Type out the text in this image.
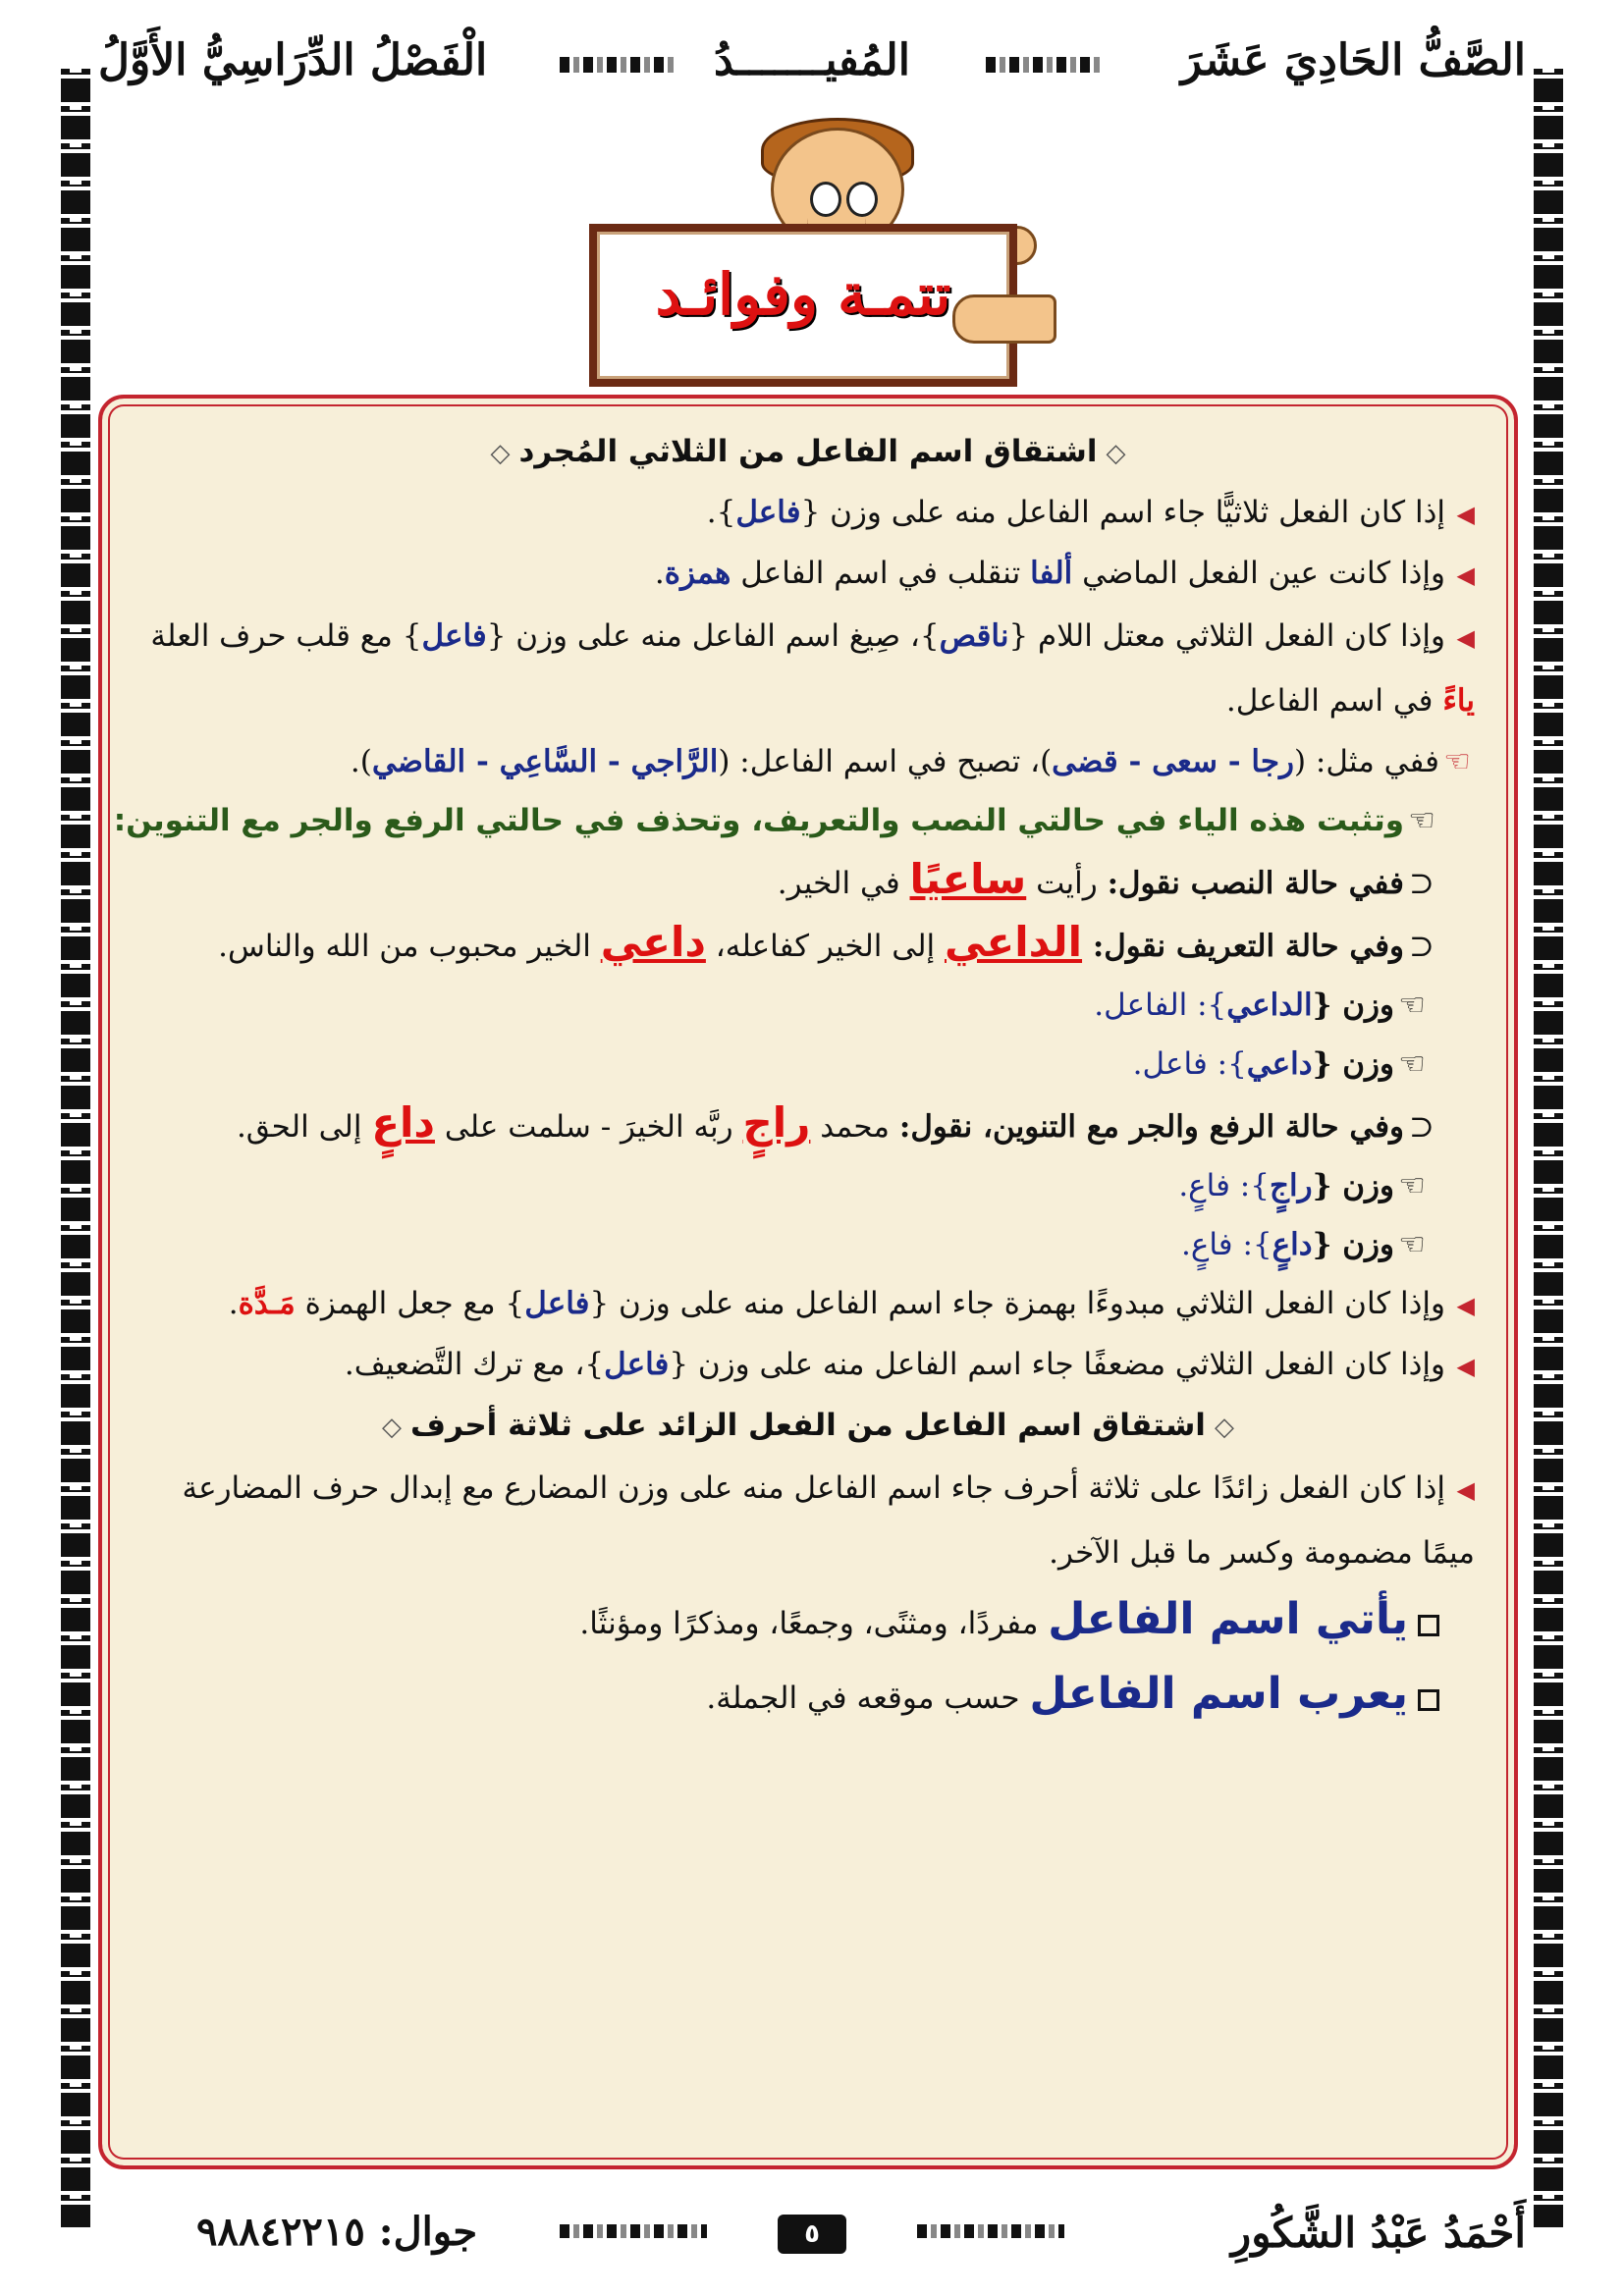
الصَّفُّ الحَادِيَ عَشَرَ
المُفيـــــــدُ
الْفَصْلُ الدِّرَاسِيُّ الأَوَّلُ
تتمـة وفوائـد
◇ اشتقاق اسم الفاعل من الثلاثي المُجرد ◇
◀إذا كان الفعل ثلاثيًّا جاء اسم الفاعل منه على وزن {فاعل}.
◀وإذا كانت عين الفعل الماضي ألفا تنقلب في اسم الفاعل همزة.
◀وإذا كان الفعل الثلاثي معتل اللام {ناقص}، صِيغ اسم الفاعل منه على وزن {فاعل} مع قلب حرف العلة ياءً في اسم الفاعل.
☜ففي مثل: (رجا - سعى - قضى)، تصبح في اسم الفاعل: (الرَّاجي - السَّاعِي - القاضي).
☜وتثبت هذه الياء في حالتي النصب والتعريف، وتحذف في حالتي الرفع والجر مع التنوين:
⊂ففي حالة النصب نقول: رأيت ساعيًا في الخير.
⊂وفي حالة التعريف نقول: الداعي إلى الخير كفاعله، داعي الخير محبوب من الله والناس.
☜وزن {الداعي}: الفاعل.
☜وزن {داعي}: فاعل.
⊂وفي حالة الرفع والجر مع التنوين، نقول: محمد راجٍ ربَّه الخيرَ - سلمت على داعٍ إلى الحق.
☜وزن {راجٍ}: فاعٍ.
☜وزن {داعٍ}: فاعٍ.
◀وإذا كان الفعل الثلاثي مبدوءًا بهمزة جاء اسم الفاعل منه على وزن {فاعل} مع جعل الهمزة مَـدَّة.
◀وإذا كان الفعل الثلاثي مضعفًا جاء اسم الفاعل منه على وزن {فاعل}، مع ترك التَّضعيف.
◇ اشتقاق اسم الفاعل من الفعل الزائد على ثلاثة أحرف ◇
◀إذا كان الفعل زائدًا على ثلاثة أحرف جاء اسم الفاعل منه على وزن المضارع مع إبدال حرف المضارعة ميمًا مضمومة وكسر ما قبل الآخر.
يأتي اسم الفاعل مفردًا، ومثنًى، وجمعًا، ومذكرًا ومؤنثًا.
يعرب اسم الفاعل حسب موقعه في الجملة.
أَحْمَدُ عَبْدُ الشَّكُورِ
٥
جوال: ٩٨٨٤٢٢١٥
